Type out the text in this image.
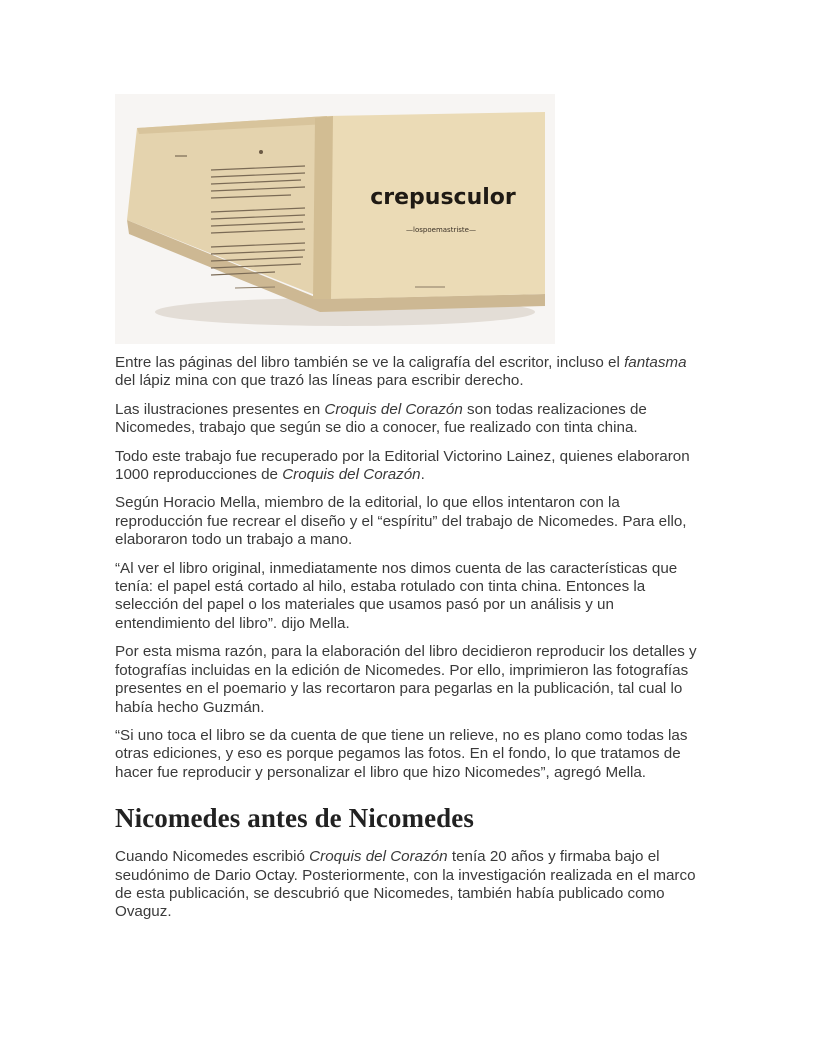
crepusculor
—lospoemastriste—

Entre las páginas del libro también se ve la caligrafía del escritor, incluso el fantasma del lápiz mina con que trazó las líneas para escribir derecho.

Las ilustraciones presentes en Croquis del Corazón son todas realizaciones de Nicomedes, trabajo que según se dio a conocer, fue realizado con tinta china.

Todo este trabajo fue recuperado por la Editorial Victorino Lainez, quienes elaboraron 1000 reproducciones de Croquis del Corazón.

Según Horacio Mella, miembro de la editorial, lo que ellos intentaron con la reproducción fue recrear el diseño y el “espíritu” del trabajo de Nicomedes. Para ello, elaboraron todo un trabajo a mano.

“Al ver el libro original, inmediatamente nos dimos cuenta de las características que tenía: el papel está cortado al hilo, estaba rotulado con tinta china. Entonces la selección del papel o los materiales que usamos pasó por un análisis y un entendimiento del libro”. dijo Mella.

Por esta misma razón, para la elaboración del libro decidieron reproducir los detalles y fotografías incluidas en la edición de Nicomedes. Por ello, imprimieron las fotografías presentes en el poemario y las recortaron para pegarlas en la publicación, tal cual lo había hecho Guzmán.

“Si uno toca el libro se da cuenta de que tiene un relieve, no es plano como todas las otras ediciones, y eso es porque pegamos las fotos. En el fondo, lo que tratamos de hacer fue reproducir y personalizar el libro que hizo Nicomedes”, agregó Mella.

Nicomedes antes de Nicomedes

Cuando Nicomedes escribió Croquis del Corazón tenía 20 años y firmaba bajo el seudónimo de Dario Octay. Posteriormente, con la investigación realizada en el marco de esta publicación, se descubrió que Nicomedes, también había publicado como Ovaguz.
